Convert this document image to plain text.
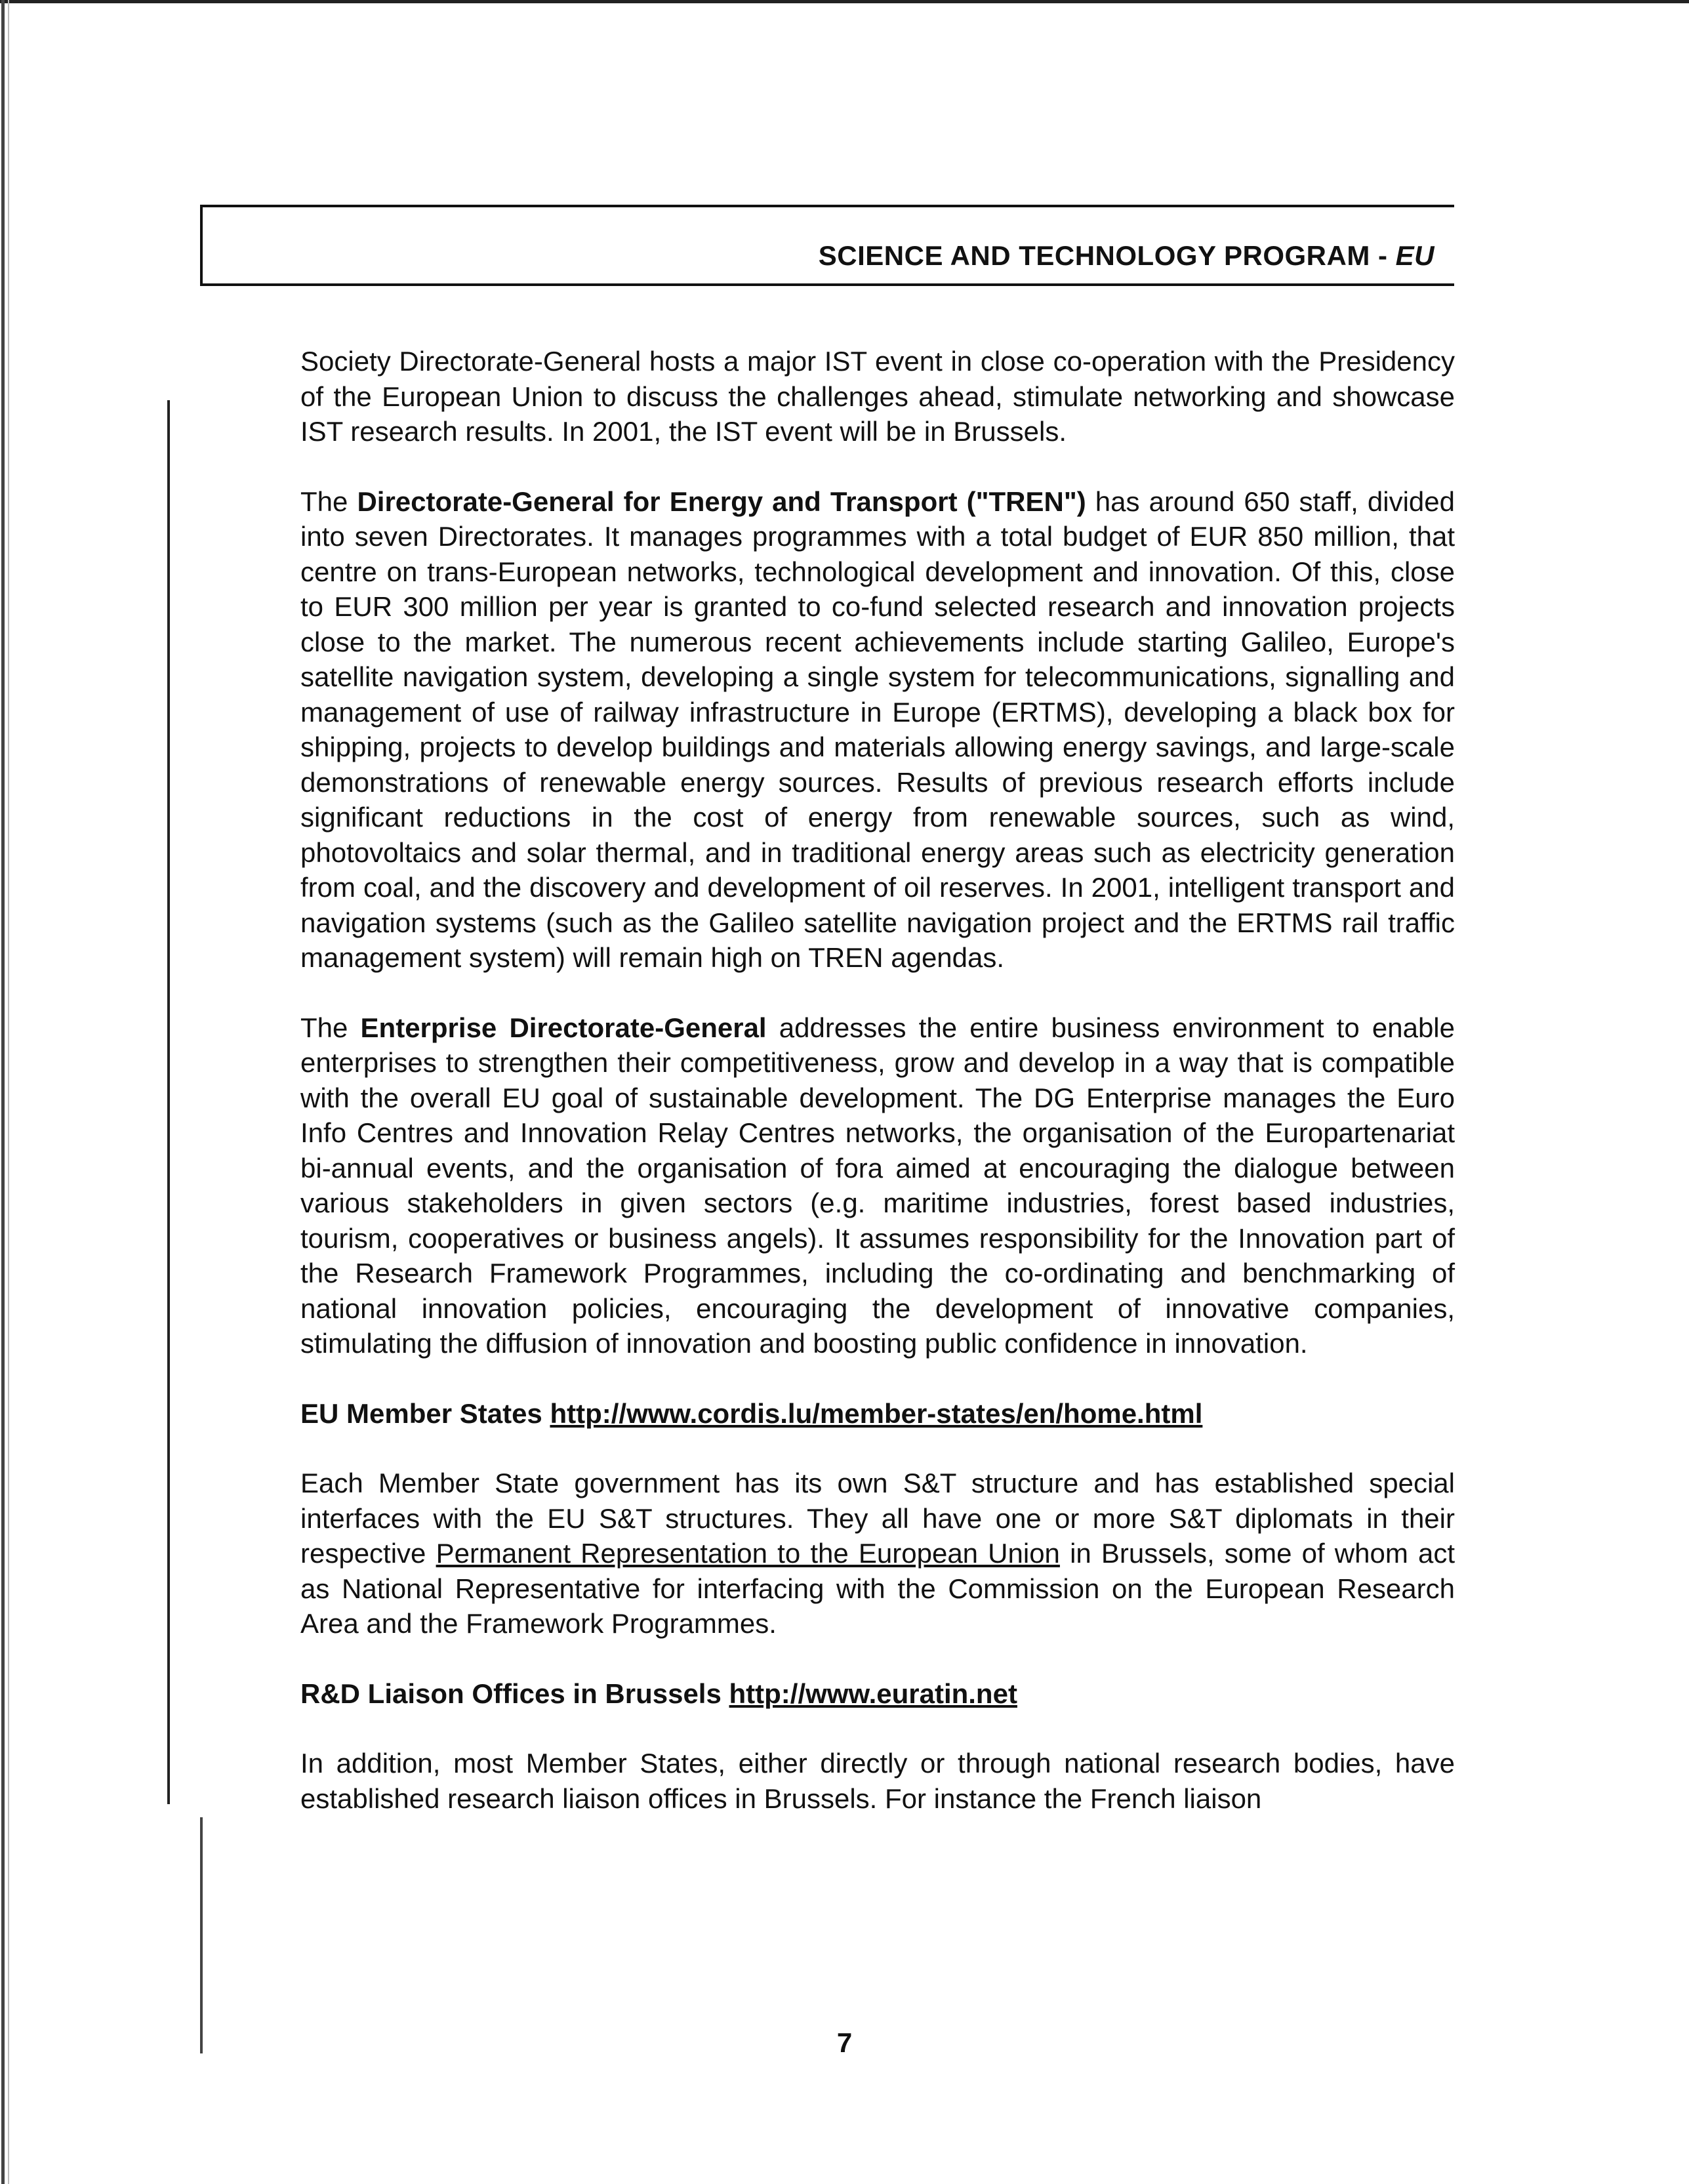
SCIENCE AND TECHNOLOGY PROGRAM - EU

Society Directorate-General hosts a major IST event in close co-operation with the Presidency of the European Union to discuss the challenges ahead, stimulate networking and showcase IST research results. In 2001, the IST event will be in Brussels.

The Directorate-General for Energy and Transport ("TREN") has around 650 staff, divided into seven Directorates. It manages programmes with a total budget of EUR 850 million, that centre on trans-European networks, technological development and innovation. Of this, close to EUR 300 million per year is granted to co-fund selected research and innovation projects close to the market. The numerous recent achievements include starting Galileo, Europe's satellite navigation system, developing a single system for telecommunications, signalling and management of use of railway infrastructure in Europe (ERTMS), developing a black box for shipping, projects to develop buildings and materials allowing energy savings, and large-scale demonstrations of renewable energy sources. Results of previous research efforts include significant reductions in the cost of energy from renewable sources, such as wind, photovoltaics and solar thermal, and in traditional energy areas such as electricity generation from coal, and the discovery and development of oil reserves. In 2001, intelligent transport and navigation systems (such as the Galileo satellite navigation project and the ERTMS rail traffic management system) will remain high on TREN agendas.

The Enterprise Directorate-General addresses the entire business environment to enable enterprises to strengthen their competitiveness, grow and develop in a way that is compatible with the overall EU goal of sustainable development. The DG Enterprise manages the Euro Info Centres and Innovation Relay Centres networks, the organisation of the Europartenariat bi-annual events, and the organisation of fora aimed at encouraging the dialogue between various stakeholders in given sectors (e.g. maritime industries, forest based industries, tourism, cooperatives or business angels). It assumes responsibility for the Innovation part of the Research Framework Programmes, including the co-ordinating and benchmarking of national innovation policies, encouraging the development of innovative companies, stimulating the diffusion of innovation and boosting public confidence in innovation.

EU Member States http://www.cordis.lu/member-states/en/home.html

Each Member State government has its own S&T structure and has established special interfaces with the EU S&T structures. They all have one or more S&T diplomats in their respective Permanent Representation to the European Union in Brussels, some of whom act as National Representative for interfacing with the Commission on the European Research Area and the Framework Programmes.

R&D Liaison Offices in Brussels http://www.euratin.net

In addition, most Member States, either directly or through national research bodies, have established research liaison offices in Brussels. For instance the French liaison

7
